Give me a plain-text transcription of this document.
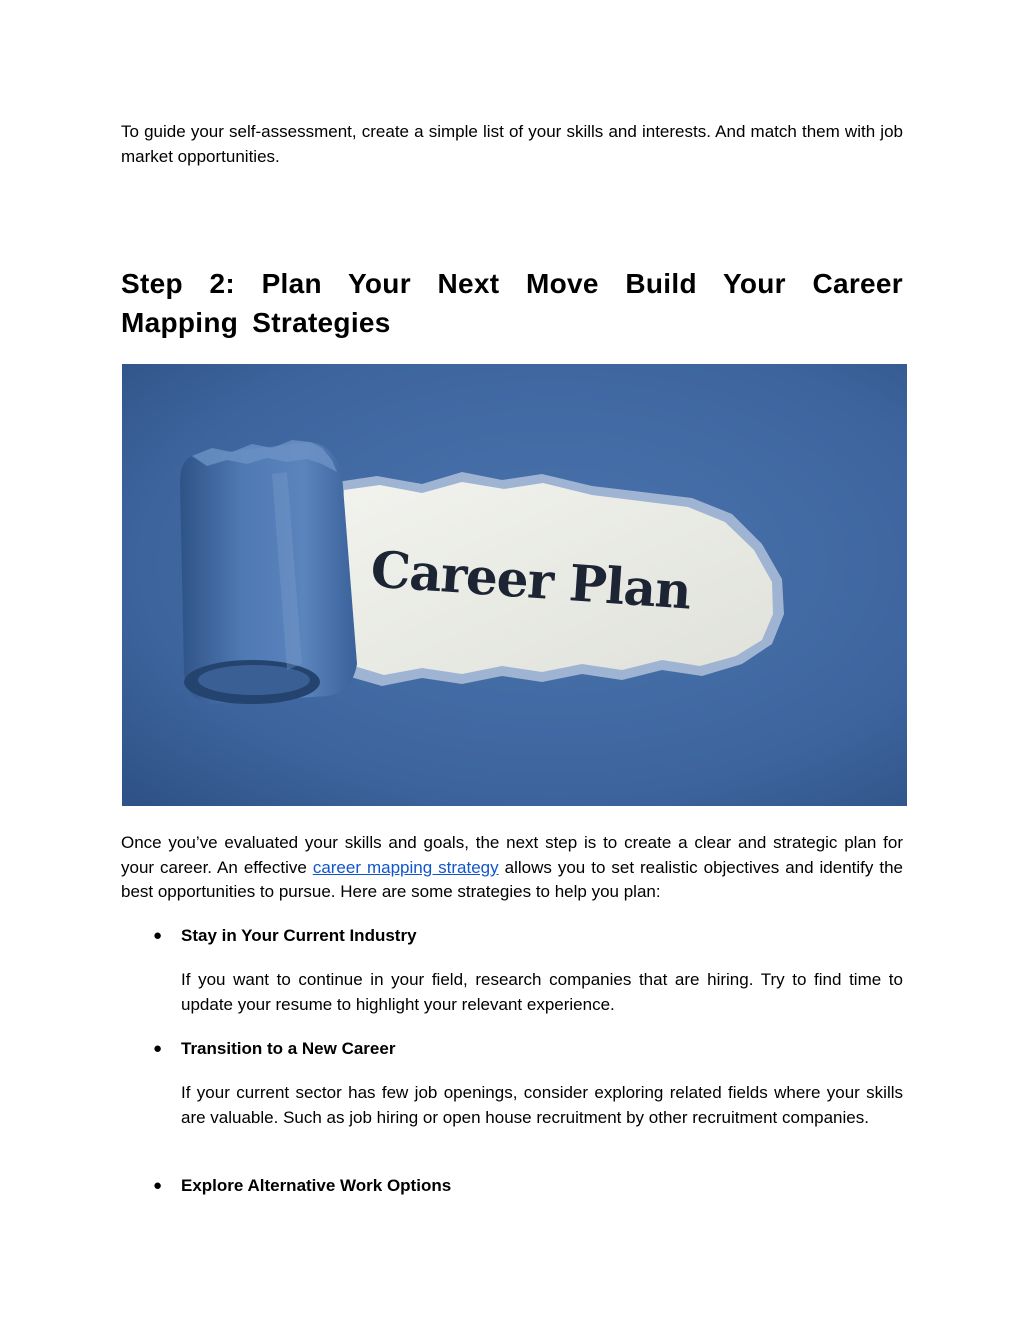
To guide your self-assessment, create a simple list of your skills and interests. And match them with job market opportunities.

Step 2: Plan Your Next Move Build Your Career Mapping Strategies
Career Plan

Once you’ve evaluated your skills and goals, the next step is to create a clear and strategic plan for your career. An effective career mapping strategy allows you to set realistic objectives and identify the best opportunities to pursue. Here are some strategies to help you plan:

● Stay in Your Current Industry

If you want to continue in your field, research companies that are hiring. Try to find time to update your resume to highlight your relevant experience.

● Transition to a New Career

If your current sector has few job openings, consider exploring related fields where your skills are valuable. Such as job hiring or open house recruitment by other recruitment companies.

● Explore Alternative Work Options
